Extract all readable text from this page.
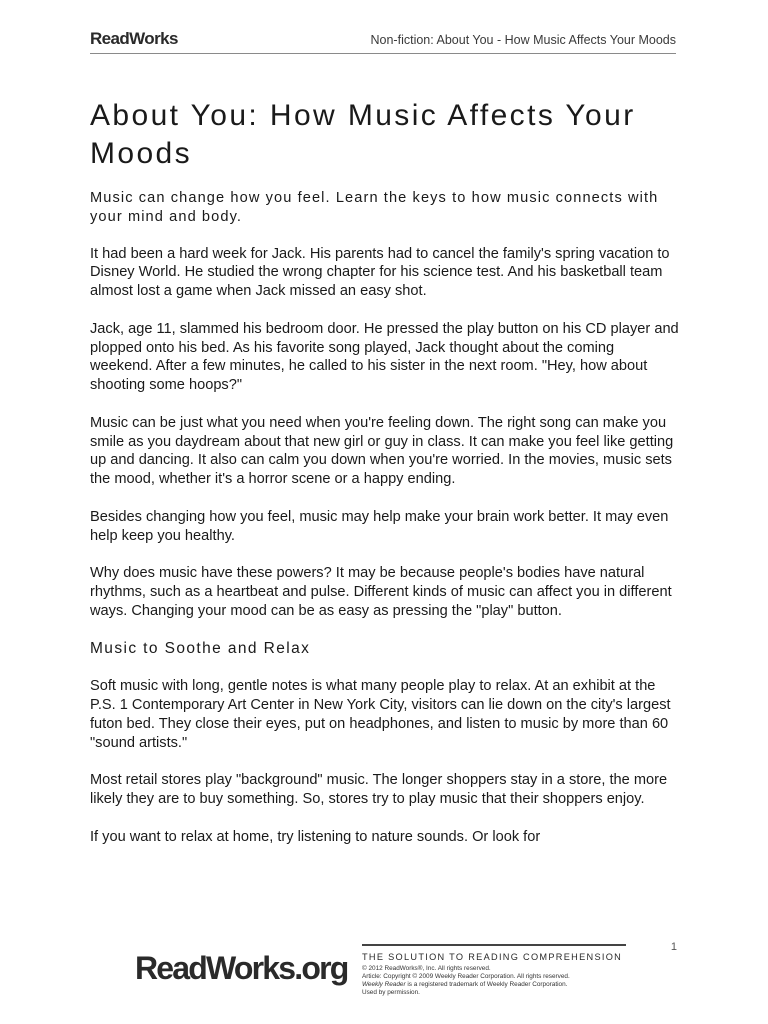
ReadWorks	Non-fiction: About You - How Music Affects Your Moods
About You: How Music Affects Your Moods

Music can change how you feel. Learn the keys to how music connects with your mind and body.

It had been a hard week for Jack. His parents had to cancel the family's spring vacation to Disney World. He studied the wrong chapter for his science test. And his basketball team almost lost a game when Jack missed an easy shot.

Jack, age 11, slammed his bedroom door. He pressed the play button on his CD player and plopped onto his bed. As his favorite song played, Jack thought about the coming weekend. After a few minutes, he called to his sister in the next room. "Hey, how about shooting some hoops?"

Music can be just what you need when you're feeling down. The right song can make you smile as you daydream about that new girl or guy in class. It can make you feel like getting up and dancing. It also can calm you down when you're worried. In the movies, music sets the mood, whether it's a horror scene or a happy ending.

Besides changing how you feel, music may help make your brain work better. It may even help keep you healthy.

Why does music have these powers? It may be because people's bodies have natural rhythms, such as a heartbeat and pulse. Different kinds of music can affect you in different ways. Changing your mood can be as easy as pressing the "play" button.

Music to Soothe and Relax

Soft music with long, gentle notes is what many people play to relax. At an exhibit at the P.S. 1 Contemporary Art Center in New York City, visitors can lie down on the city's largest futon bed. They close their eyes, put on headphones, and listen to music by more than 60 "sound artists."

Most retail stores play "background" music. The longer shoppers stay in a store, the more likely they are to buy something. So, stores try to play music that their shoppers enjoy.

If you want to relax at home, try listening to nature sounds. Or look for

1
ReadWorks.org THE SOLUTION TO READING COMPREHENSION
© 2012 ReadWorks®, Inc. All rights reserved.
Article: Copyright © 2009 Weekly Reader Corporation. All rights reserved.
Weekly Reader is a registered trademark of Weekly Reader Corporation.
Used by permission.
